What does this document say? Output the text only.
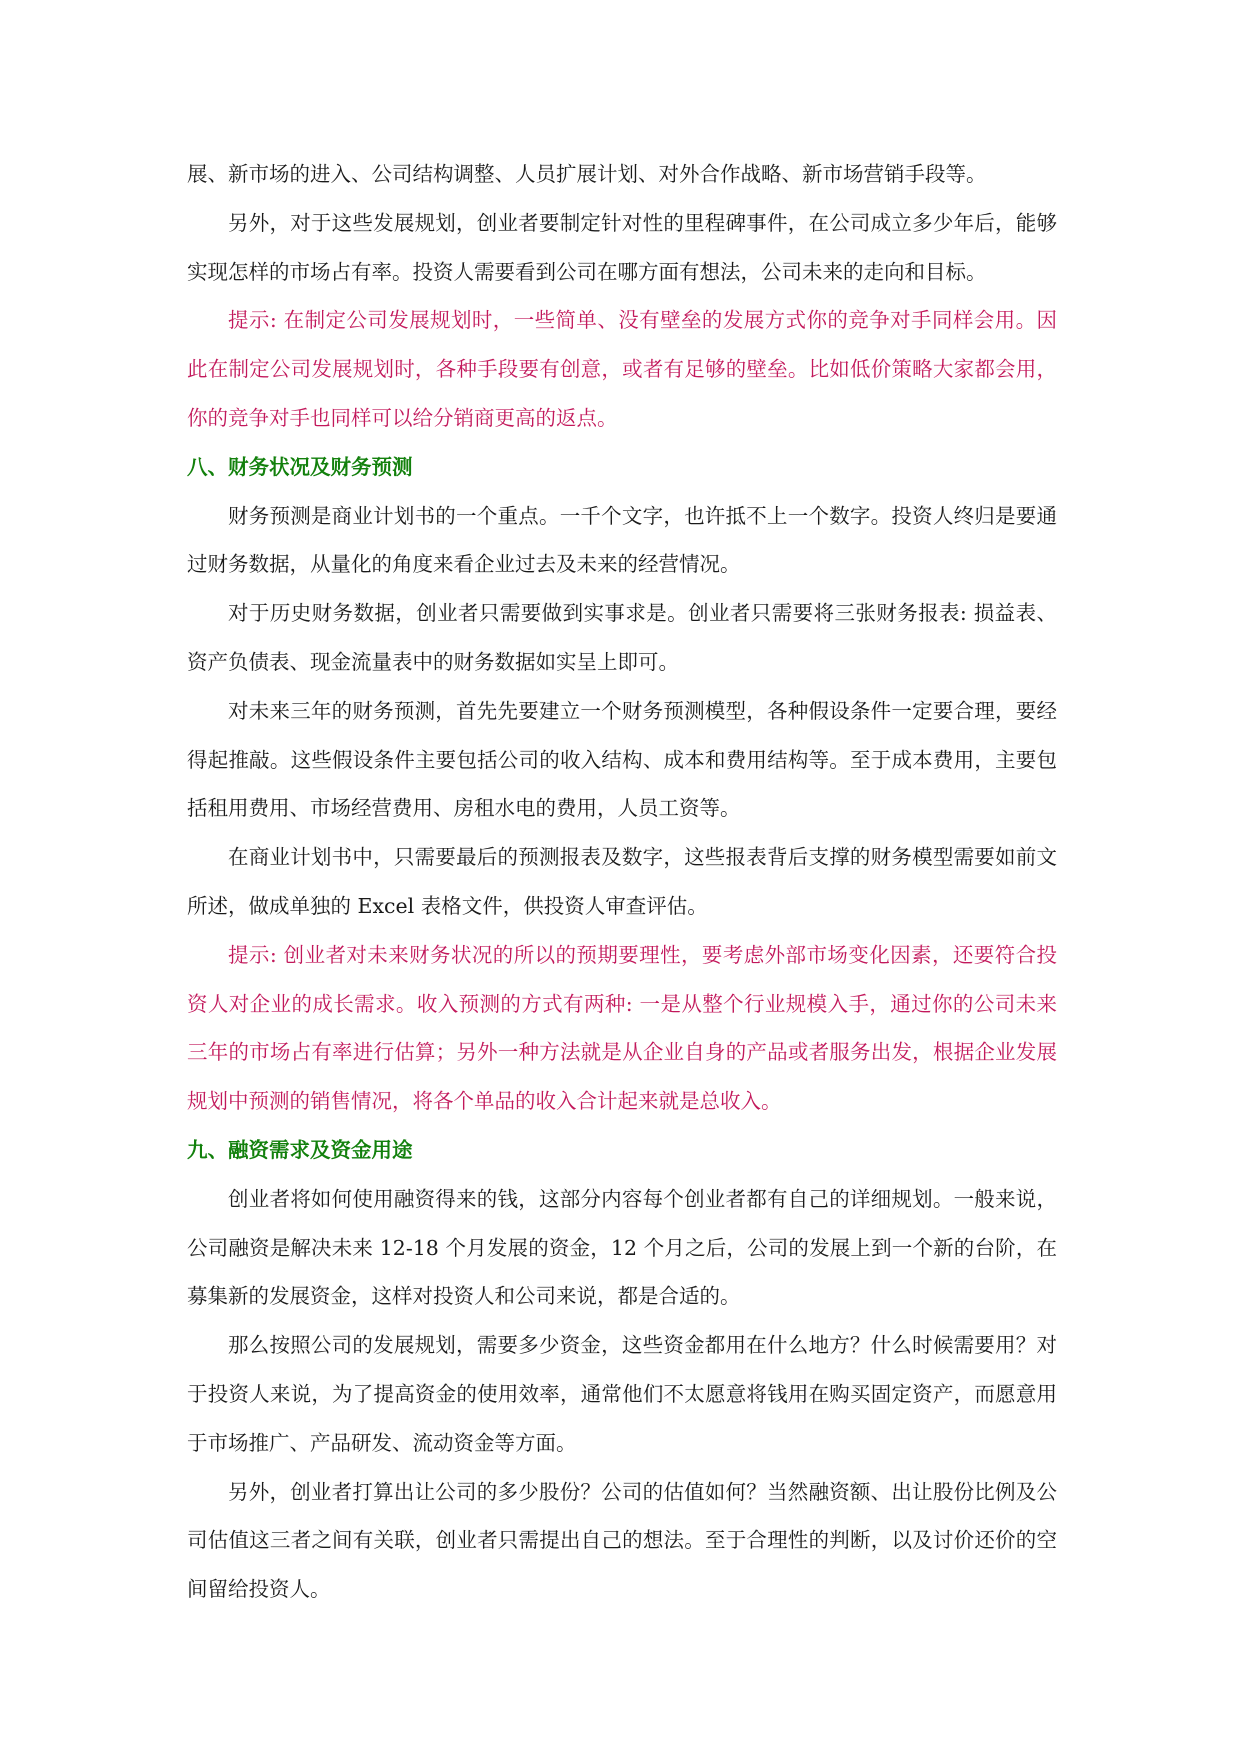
展、新市场的进入、公司结构调整、人员扩展计划、对外合作战略、新市场营销手段等。

另外，对于这些发展规划，创业者要制定针对性的里程碑事件，在公司成立多少年后，能够实现怎样的市场占有率。投资人需要看到公司在哪方面有想法，公司未来的走向和目标。

提示: 在制定公司发展规划时，一些简单、没有壁垒的发展方式你的竞争对手同样会用。因此在制定公司发展规划时，各种手段要有创意，或者有足够的壁垒。比如低价策略大家都会用，你的竞争对手也同样可以给分销商更高的返点。

八、财务状况及财务预测

财务预测是商业计划书的一个重点。一千个文字，也许抵不上一个数字。投资人终归是要通过财务数据，从量化的角度来看企业过去及未来的经营情况。

对于历史财务数据，创业者只需要做到实事求是。创业者只需要将三张财务报表: 损益表、资产负债表、现金流量表中的财务数据如实呈上即可。

对未来三年的财务预测，首先先要建立一个财务预测模型，各种假设条件一定要合理，要经得起推敲。这些假设条件主要包括公司的收入结构、成本和费用结构等。至于成本费用，主要包括租用费用、市场经营费用、房租水电的费用，人员工资等。

在商业计划书中，只需要最后的预测报表及数字，这些报表背后支撑的财务模型需要如前文所述，做成单独的 Excel 表格文件，供投资人审查评估。

提示: 创业者对未来财务状况的所以的预期要理性，要考虑外部市场变化因素，还要符合投资人对企业的成长需求。收入预测的方式有两种: 一是从整个行业规模入手，通过你的公司未来三年的市场占有率进行估算；另外一种方法就是从企业自身的产品或者服务出发，根据企业发展规划中预测的销售情况，将各个单品的收入合计起来就是总收入。

九、融资需求及资金用途

创业者将如何使用融资得来的钱，这部分内容每个创业者都有自己的详细规划。一般来说，公司融资是解决未来 12-18 个月发展的资金，12 个月之后，公司的发展上到一个新的台阶，在募集新的发展资金，这样对投资人和公司来说，都是合适的。

那么按照公司的发展规划，需要多少资金，这些资金都用在什么地方？什么时候需要用？对于投资人来说，为了提高资金的使用效率，通常他们不太愿意将钱用在购买固定资产，而愿意用于市场推广、产品研发、流动资金等方面。

另外，创业者打算出让公司的多少股份？公司的估值如何？当然融资额、出让股份比例及公司估值这三者之间有关联，创业者只需提出自己的想法。至于合理性的判断，以及讨价还价的空间留给投资人。
